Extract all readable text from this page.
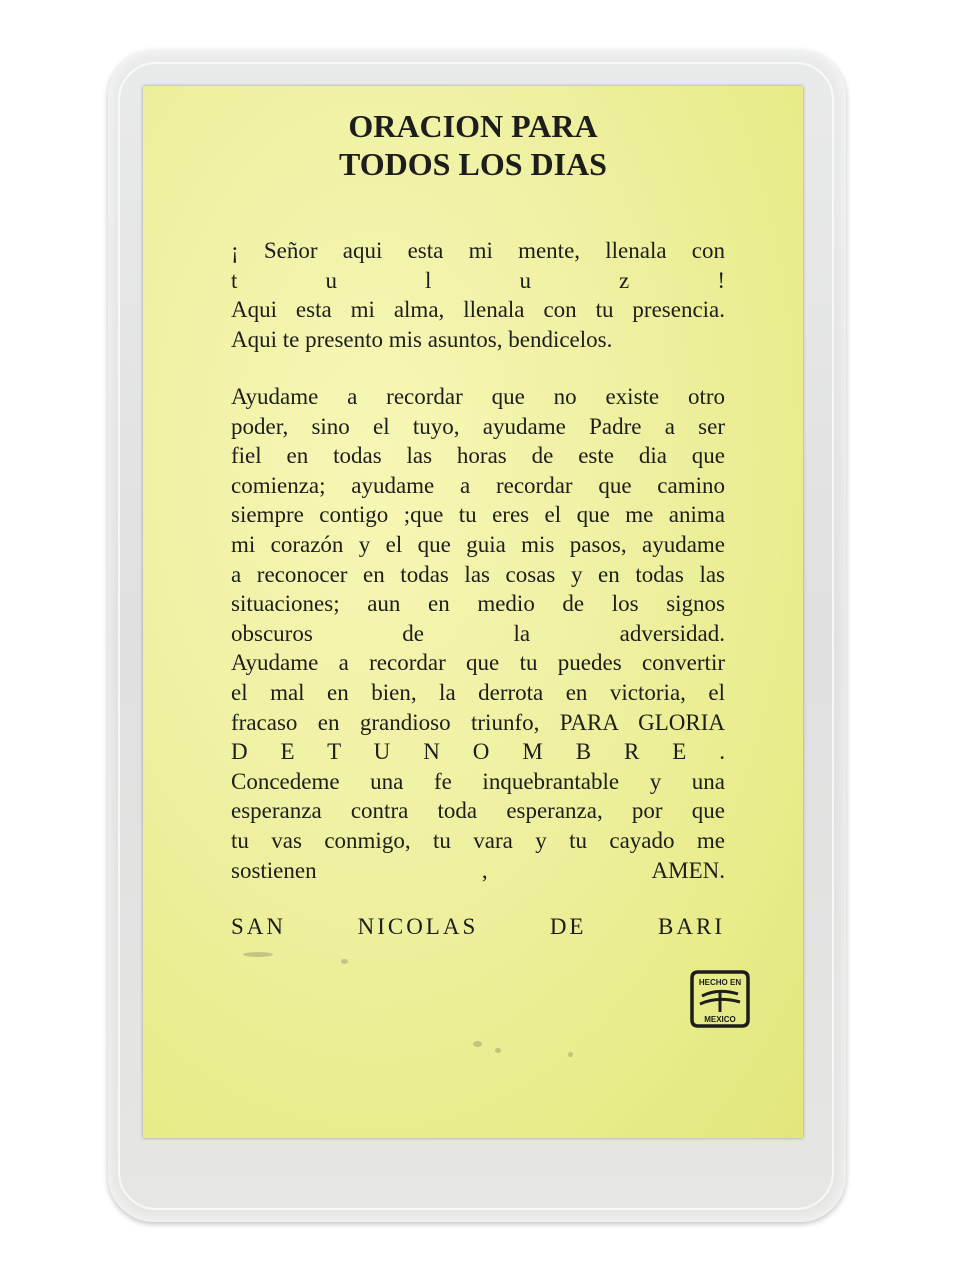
ORACION PARA
TODOS LOS DIAS
¡ Señor aqui esta mi mente, llenala con
t u l u z !
Aqui esta mi alma, llenala con tu presencia.
Aqui te presento mis asuntos, bendicelos.
Ayudame a recordar que no existe otro
poder, sino el tuyo, ayudame Padre a ser
fiel en todas las horas de este dia que
comienza; ayudame a recordar que camino
siempre contigo ;que tu eres el que me anima
mi corazón y el que guia mis pasos, ayudame
a reconocer en todas las cosas y en todas las
situaciones; aun en medio de los signos
obscuros de la adversidad.
Ayudame a recordar que tu puedes convertir
el mal en bien, la derrota en victoria, el
fracaso en grandioso triunfo, PARA GLORIA
D E T U N O M B R E .
Concedeme una fe inquebrantable y una
esperanza contra toda esperanza, por que
tu vas conmigo, tu vara y tu cayado me
sostienen , AMEN.

SAN NICOLAS DE BARI

HECHO EN
MEXICO
